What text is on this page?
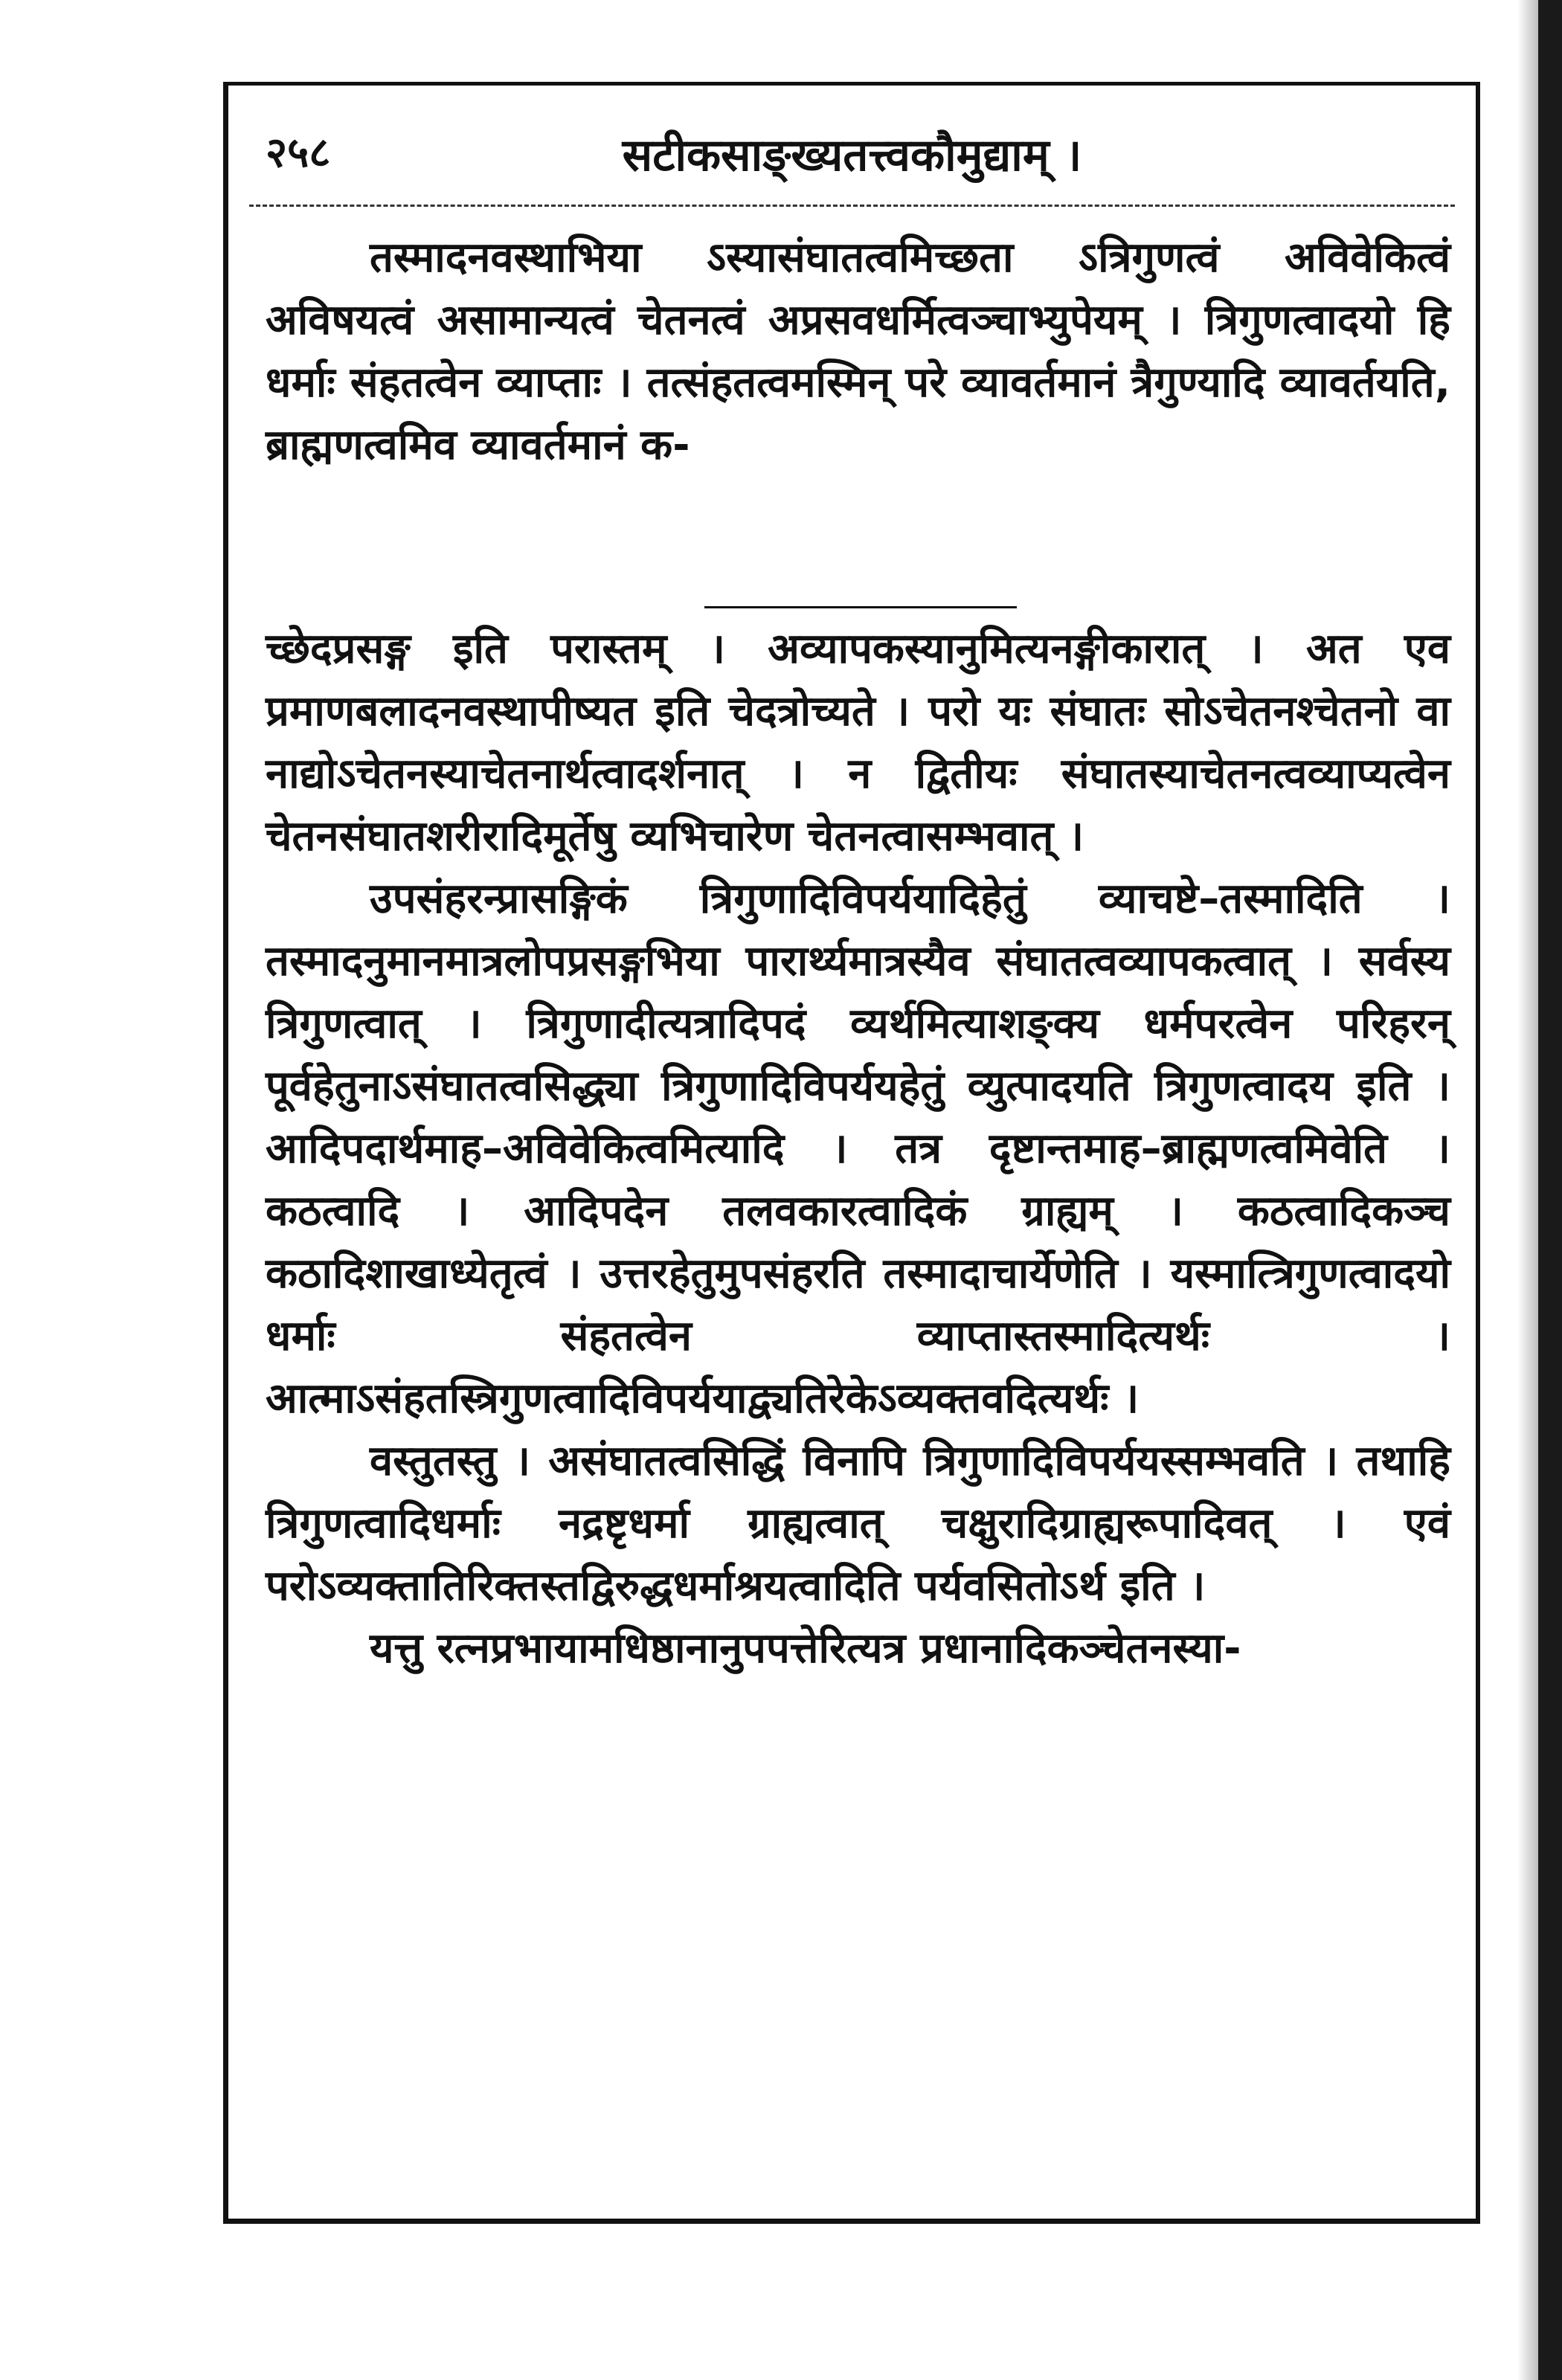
२५८	सटीकसाङ्ख्यतत्त्वकौमुद्याम् ।

तस्मादनवस्थाभिया ऽस्यासंघातत्वमिच्छता ऽत्रिगुणत्वं अविवेकित्वं अविषयत्वं असामान्यत्वं चेतनत्वं अप्रसवधर्मित्वञ्चाभ्युपेयम् । त्रिगुणत्वादयो हि धर्माः संहतत्वेन व्याप्ताः । तत्संहतत्वमस्मिन् परे व्यावर्तमानं त्रैगुण्यादि व्यावर्तयति, ब्राह्मणत्वमिव व्यावर्तमानं क-

च्छेदप्रसङ्ग इति परास्तम् । अव्यापकस्यानुमित्यनङ्गीकारात् । अत एव प्रमाणबलादनवस्थापीष्यत इति चेदत्रोच्यते । परो यः संघातः सोऽचेतनश्चेतनो वा नाद्योऽचेतनस्याचेतनार्थत्वादर्शनात् । न द्वितीयः संघातस्याचेतनत्वव्याप्यत्वेन चेतनसंघातशरीरादिमूर्तेषु व्यभिचारेण चेतनत्वासम्भवात् ।

उपसंहरन्प्रासङ्गिकं त्रिगुणादिविपर्ययादिहेतुं व्याचष्टे–तस्मादिति । तस्मादनुमानमात्रलोपप्रसङ्गभिया पारार्थ्यमात्रस्यैव संघातत्वव्यापकत्वात् । सर्वस्य त्रिगुणत्वात् । त्रिगुणादीत्यत्रादिपदं व्यर्थमित्याशङ्क्य धर्मपरत्वेन परिहरन् पूर्वहेतुनाऽसंघातत्वसिद्ध्या त्रिगुणादिविपर्ययहेतुं व्युत्पादयति त्रिगुणत्वादय इति । आदिपदार्थमाह–अविवेकित्वमित्यादि । तत्र दृष्टान्तमाह–ब्राह्मणत्वमिवेति । कठत्वादि । आदिपदेन तलवकारत्वादिकं ग्राह्यम् । कठत्वादिकञ्च कठादिशाखाध्येतृत्वं । उत्तरहेतुमुपसंहरति तस्मादाचार्येणेति । यस्मात्त्रिगुणत्वादयो धर्माः संहतत्वेन व्याप्तास्तस्मादित्यर्थः । आत्माऽसंहतस्त्रिगुणत्वादिविपर्ययाद्व्यतिरेकेऽव्यक्तवदित्यर्थः ।

वस्तुतस्तु । असंघातत्वसिद्धिं विनापि त्रिगुणादिविपर्ययस्सम्भवति । तथाहि त्रिगुणत्वादिधर्माः नद्रष्टृधर्मा ग्राह्यत्वात् चक्षुरादिग्राह्यरूपादिवत् । एवं परोऽव्यक्तातिरिक्तस्तद्विरुद्धधर्माश्रयत्वादिति पर्यवसितोऽर्थ इति ।

यत्तु रत्नप्रभायामधिष्ठानानुपपत्तेरित्यत्र प्रधानादिकञ्चेतनस्या-
